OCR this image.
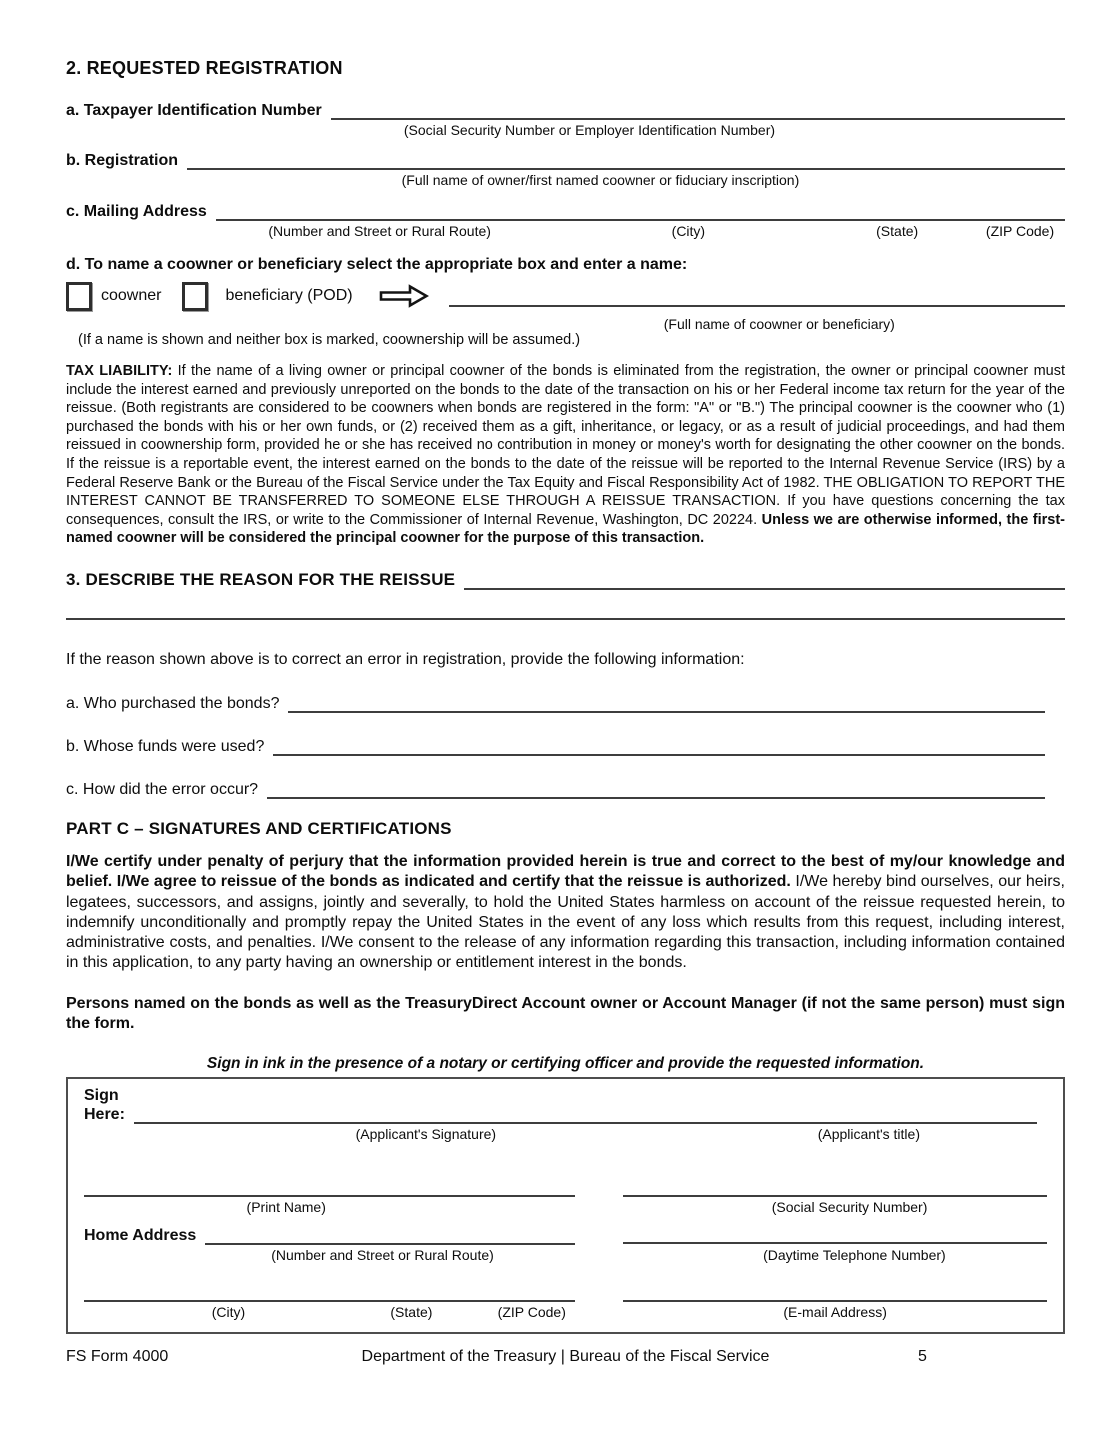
2. REQUESTED REGISTRATION
a. Taxpayer Identification Number
(Social Security Number or Employer Identification Number)
b. Registration
(Full name of owner/first named coowner or fiduciary inscription)
c. Mailing Address
(Number and Street or Rural Route)	(City)	(State)	(ZIP Code)
d. To name a coowner or beneficiary select the appropriate box and enter a name:
coowner	beneficiary (POD)
(Full name of coowner or beneficiary)
(If a name is shown and neither box is marked, coownership will be assumed.)

TAX LIABILITY: If the name of a living owner or principal coowner of the bonds is eliminated from the registration, the owner or principal coowner must include the interest earned and previously unreported on the bonds to the date of the transaction on his or her Federal income tax return for the year of the reissue. (Both registrants are considered to be coowners when bonds are registered in the form: "A" or "B.") The principal coowner is the coowner who (1) purchased the bonds with his or her own funds, or (2) received them as a gift, inheritance, or legacy, or as a result of judicial proceedings, and had them reissued in coownership form, provided he or she has received no contribution in money or money's worth for designating the other coowner on the bonds. If the reissue is a reportable event, the interest earned on the bonds to the date of the reissue will be reported to the Internal Revenue Service (IRS) by a Federal Reserve Bank or the Bureau of the Fiscal Service under the Tax Equity and Fiscal Responsibility Act of 1982. THE OBLIGATION TO REPORT THE INTEREST CANNOT BE TRANSFERRED TO SOMEONE ELSE THROUGH A REISSUE TRANSACTION. If you have questions concerning the tax consequences, consult the IRS, or write to the Commissioner of Internal Revenue, Washington, DC 20224. Unless we are otherwise informed, the first-named coowner will be considered the principal coowner for the purpose of this transaction.

3. DESCRIBE THE REASON FOR THE REISSUE
If the reason shown above is to correct an error in registration, provide the following information:
a. Who purchased the bonds?
b. Whose funds were used?
c. How did the error occur?
PART C – SIGNATURES AND CERTIFICATIONS

I/We certify under penalty of perjury that the information provided herein is true and correct to the best of my/our knowledge and belief. I/We agree to reissue of the bonds as indicated and certify that the reissue is authorized. I/We hereby bind ourselves, our heirs, legatees, successors, and assigns, jointly and severally, to hold the United States harmless on account of the reissue requested herein, to indemnify unconditionally and promptly repay the United States in the event of any loss which results from this request, including interest, administrative costs, and penalties. I/We consent to the release of any information regarding this transaction, including information contained in this application, to any party having an ownership or entitlement interest in the bonds.

Persons named on the bonds as well as the TreasuryDirect Account owner or Account Manager (if not the same person) must sign the form.

Sign in ink in the presence of a notary or certifying officer and provide the requested information.
Sign
Here:
(Applicant's Signature)	(Applicant's title)
(Print Name)	(Social Security Number)
Home Address
(Number and Street or Rural Route)	(Daytime Telephone Number)
(City)	(State)	(ZIP Code)	(E-mail Address)
FS Form 4000	Department of the Treasury | Bureau of the Fiscal Service	5
